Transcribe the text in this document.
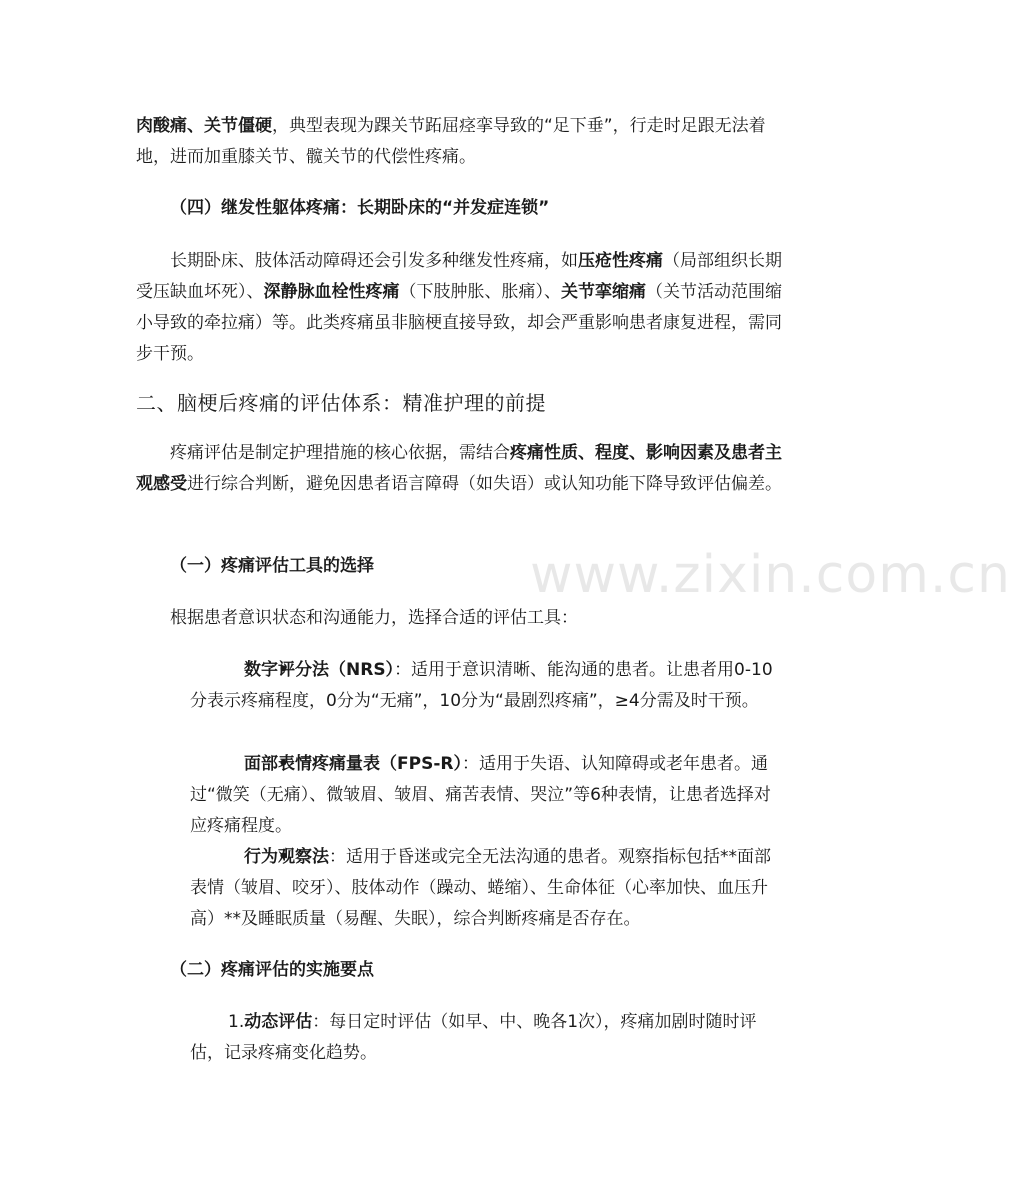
www.zixin.com.cn

肉酸痛、关节僵硬，典型表现为踝关节跖屈痉挛导致的“足下垂”，行走时足跟无法着地，进而加重膝关节、髋关节的代偿性疼痛。

（四）继发性躯体疼痛：长期卧床的“并发症连锁”

长期卧床、肢体活动障碍还会引发多种继发性疼痛，如压疮性疼痛（局部组织长期受压缺血坏死）、深静脉血栓性疼痛（下肢肿胀、胀痛）、关节挛缩痛（关节活动范围缩小导致的牵拉痛）等。此类疼痛虽非脑梗直接导致，却会严重影响患者康复进程，需同步干预。

二、脑梗后疼痛的评估体系：精准护理的前提

疼痛评估是制定护理措施的核心依据，需结合疼痛性质、程度、影响因素及患者主观感受进行综合判断，避免因患者语言障碍（如失语）或认知功能下降导致评估偏差。

（一）疼痛评估工具的选择

根据患者意识状态和沟通能力，选择合适的评估工具：

• 数字评分法（NRS）：适用于意识清晰、能沟通的患者。让患者用0-10分表示疼痛程度，0分为“无痛”，10分为“最剧烈疼痛”，≥4分需及时干预。

• 面部表情疼痛量表（FPS-R）：适用于失语、认知障碍或老年患者。通过“微笑（无痛）、微皱眉、皱眉、痛苦表情、哭泣”等6种表情，让患者选择对应疼痛程度。

• 行为观察法：适用于昏迷或完全无法沟通的患者。观察指标包括**面部表情（皱眉、咬牙）、肢体动作（躁动、蜷缩）、生命体征（心率加快、血压升高）**及睡眠质量（易醒、失眠），综合判断疼痛是否存在。

（二）疼痛评估的实施要点

1.动态评估：每日定时评估（如早、中、晚各1次），疼痛加剧时随时评估，记录疼痛变化趋势。
